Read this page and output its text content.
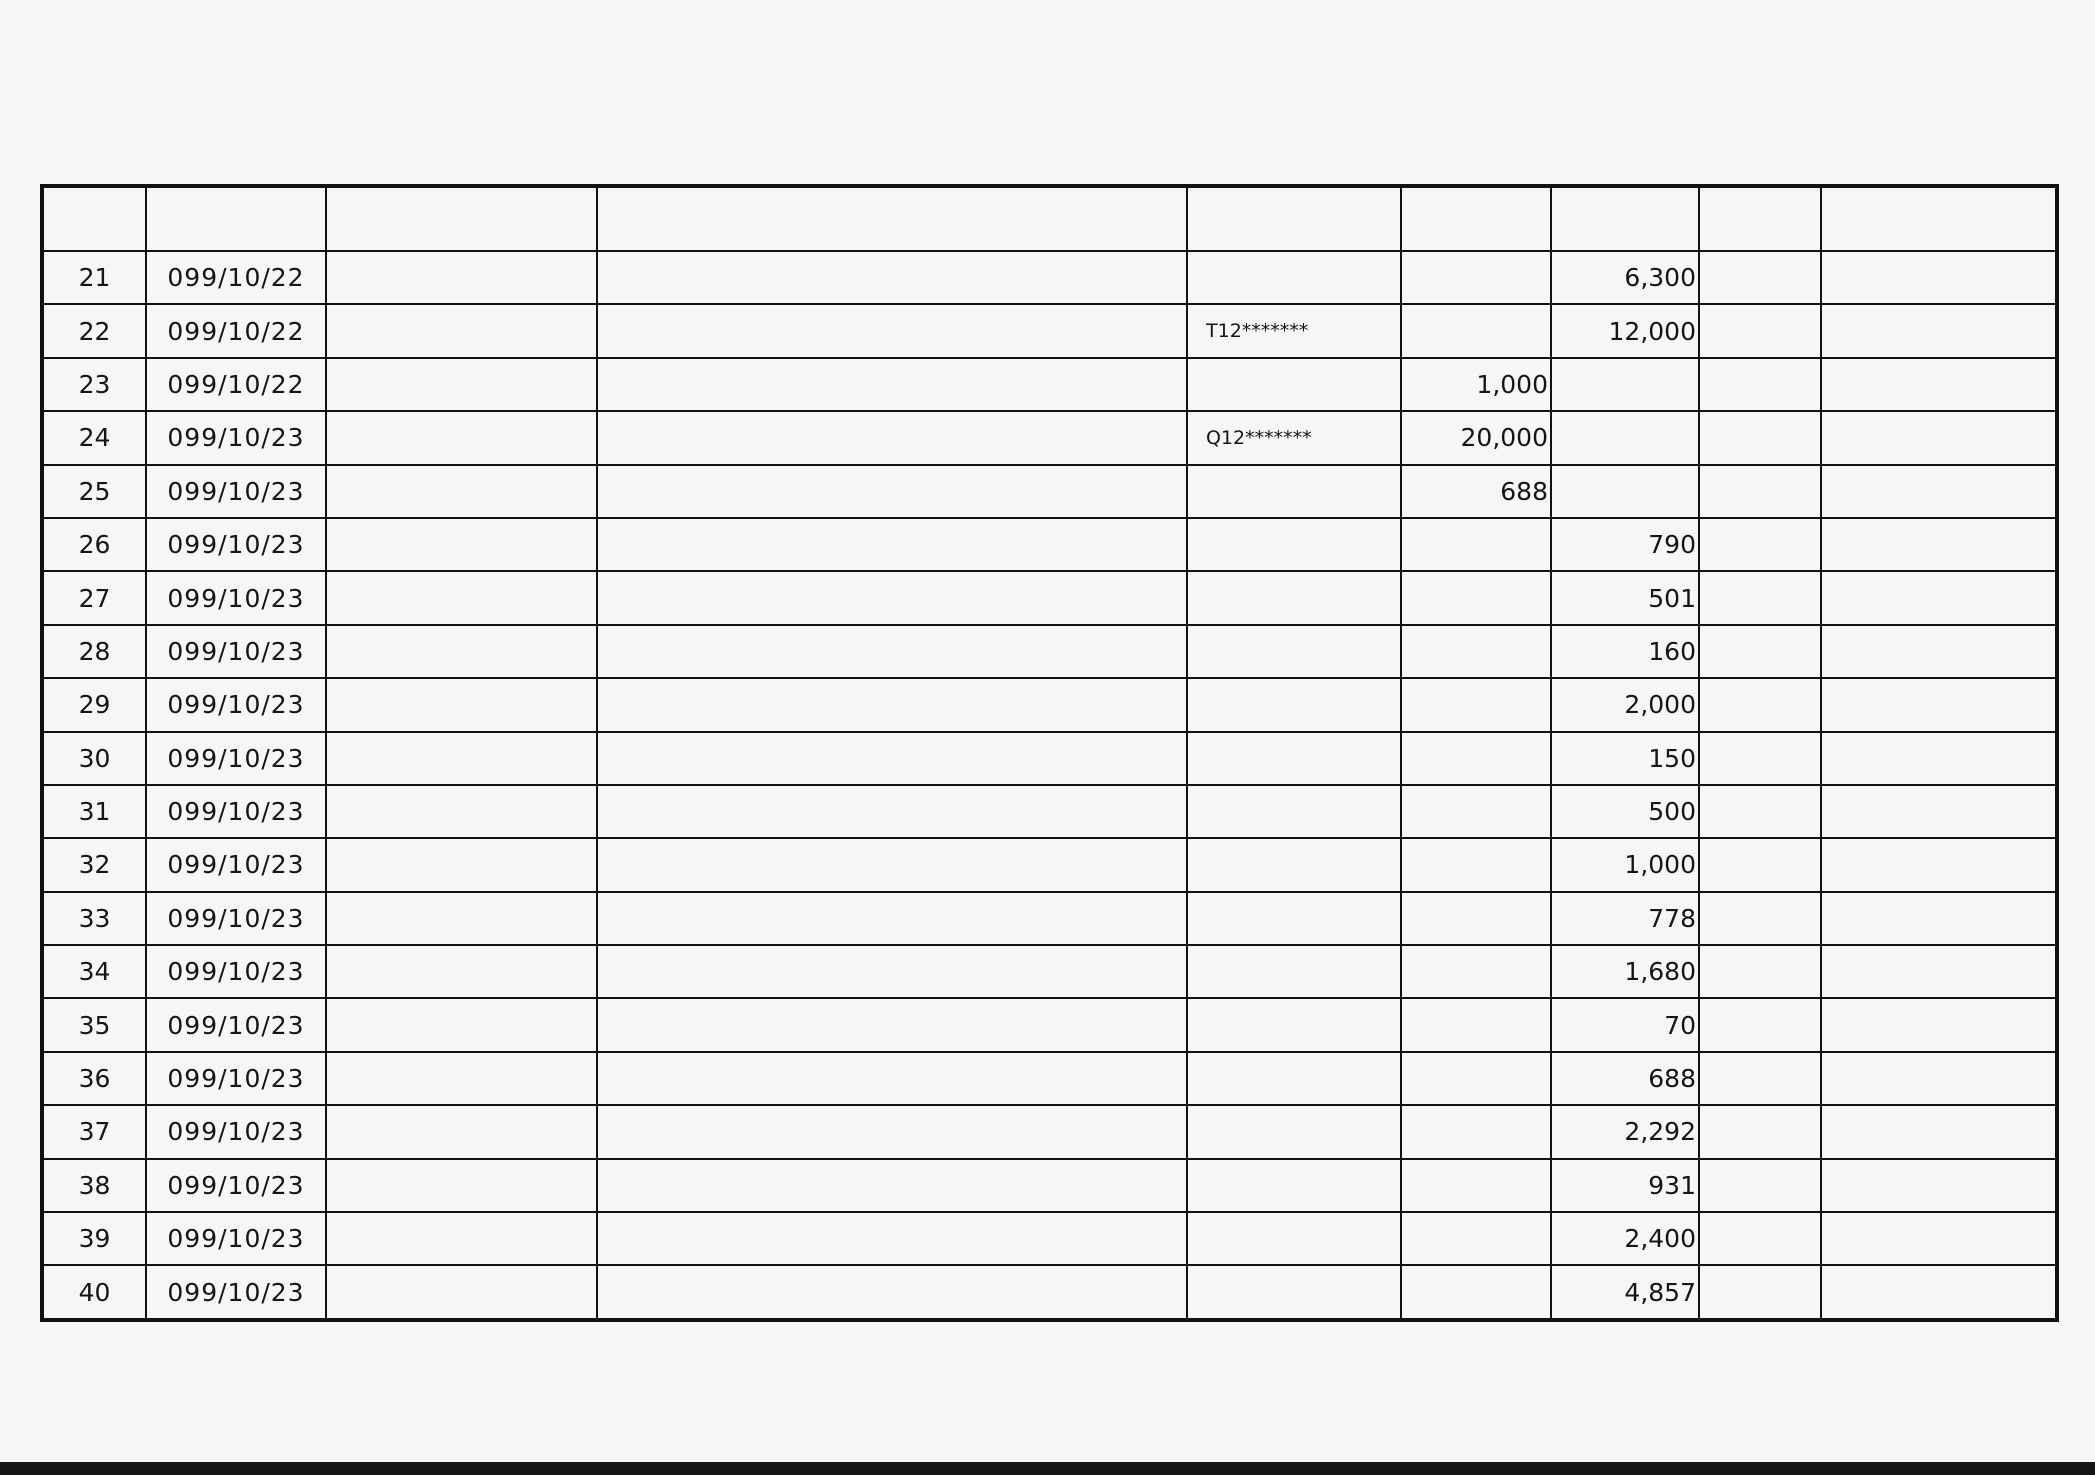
21	099/10/22					6,300		
22	099/10/22			T12*******		12,000		
23	099/10/22				1,000			
24	099/10/23			Q12*******	20,000			
25	099/10/23				688			
26	099/10/23					790		
27	099/10/23					501		
28	099/10/23					160		
29	099/10/23					2,000		
30	099/10/23					150		
31	099/10/23					500		
32	099/10/23					1,000		
33	099/10/23					778		
34	099/10/23					1,680		
35	099/10/23					70		
36	099/10/23					688		
37	099/10/23					2,292		
38	099/10/23					931		
39	099/10/23					2,400		
40	099/10/23					4,857		
